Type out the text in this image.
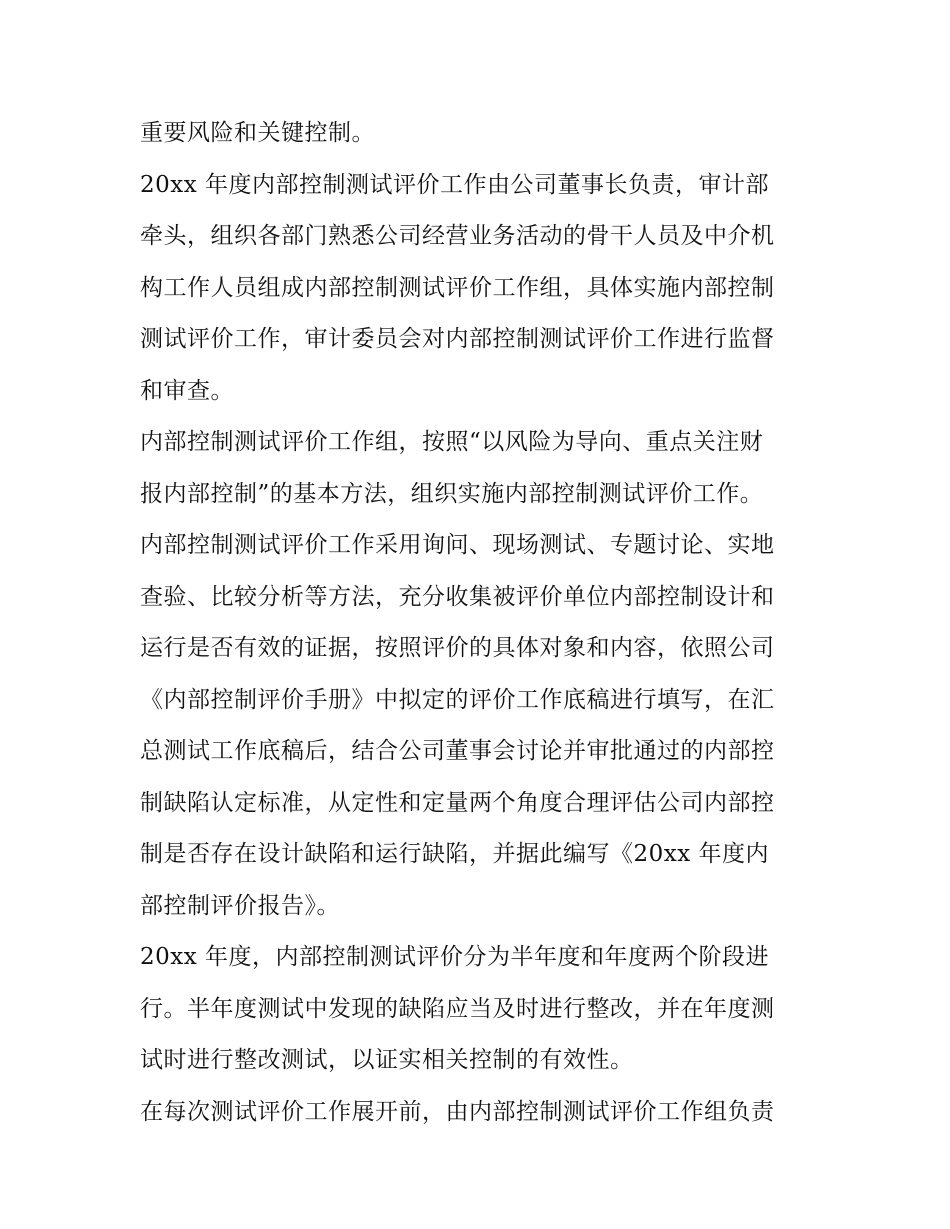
重要风险和关键控制。
20xx 年度内部控制测试评价工作由公司董事长负责，审计部
牵头，组织各部门熟悉公司经营业务活动的骨干人员及中介机
构工作人员组成内部控制测试评价工作组，具体实施内部控制
测试评价工作，审计委员会对内部控制测试评价工作进行监督
和审查。
内部控制测试评价工作组，按照“以风险为导向、重点关注财
报内部控制”的基本方法，组织实施内部控制测试评价工作。
内部控制测试评价工作采用询问、现场测试、专题讨论、实地
查验、比较分析等方法，充分收集被评价单位内部控制设计和
运行是否有效的证据，按照评价的具体对象和内容，依照公司
《内部控制评价手册》中拟定的评价工作底稿进行填写，在汇
总测试工作底稿后，结合公司董事会讨论并审批通过的内部控
制缺陷认定标准，从定性和定量两个角度合理评估公司内部控
制是否存在设计缺陷和运行缺陷，并据此编写《20xx 年度内
部控制评价报告》。
20xx 年度，内部控制测试评价分为半年度和年度两个阶段进
行。半年度测试中发现的缺陷应当及时进行整改，并在年度测
试时进行整改测试，以证实相关控制的有效性。
在每次测试评价工作展开前，由内部控制测试评价工作组负责
